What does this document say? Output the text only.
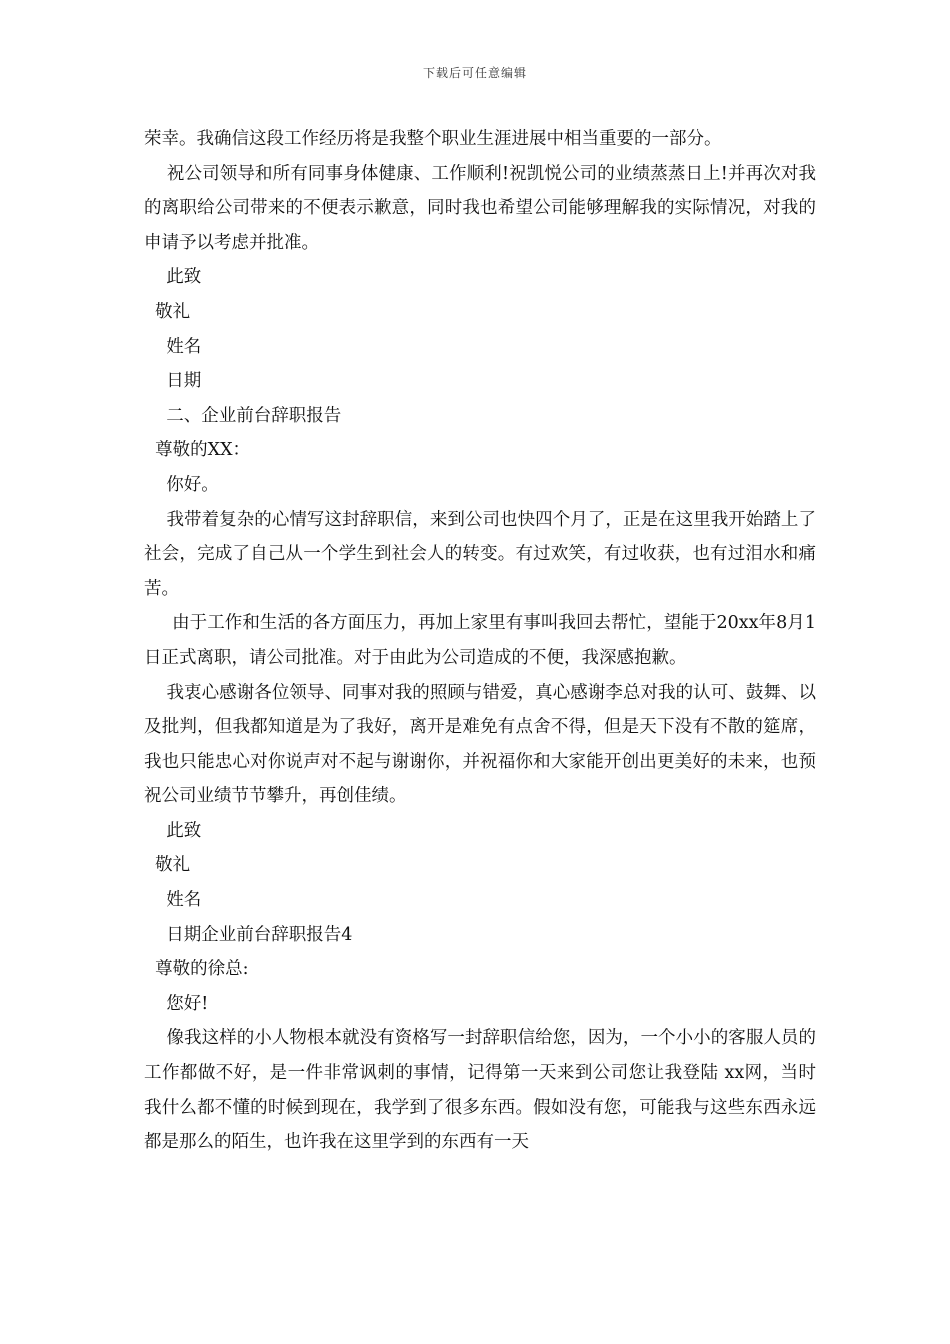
下载后可任意编辑

荣幸。我确信这段工作经历将是我整个职业生涯进展中相当重要的一部分。

祝公司领导和所有同事身体健康、工作顺利!祝凯悦公司的业绩蒸蒸日上!并再次对我的离职给公司带来的不便表示歉意，同时我也希望公司能够理解我的实际情况，对我的申请予以考虑并批准。

此致

敬礼

姓名

日期

二、企业前台辞职报告

尊敬的XX：

你好。

我带着复杂的心情写这封辞职信，来到公司也快四个月了，正是在这里我开始踏上了社会，完成了自己从一个学生到社会人的转变。有过欢笑，有过收获，也有过泪水和痛苦。

由于工作和生活的各方面压力，再加上家里有事叫我回去帮忙，望能于20xx年8月1日正式离职，请公司批准。对于由此为公司造成的不便，我深感抱歉。

我衷心感谢各位领导、同事对我的照顾与错爱，真心感谢李总对我的认可、鼓舞、以及批判，但我都知道是为了我好，离开是难免有点舍不得，但是天下没有不散的筵席，我也只能忠心对你说声对不起与谢谢你，并祝福你和大家能开创出更美好的未来，也预祝公司业绩节节攀升，再创佳绩。

此致

敬礼

姓名

日期企业前台辞职报告4

尊敬的徐总:

您好!

像我这样的小人物根本就没有资格写一封辞职信给您，因为，一个小小的客服人员的工作都做不好，是一件非常讽刺的事情，记得第一天来到公司您让我登陆 xx网，当时我什么都不懂的时候到现在，我学到了很多东西。假如没有您，可能我与这些东西永远都是那么的陌生，也许我在这里学到的东西有一天
